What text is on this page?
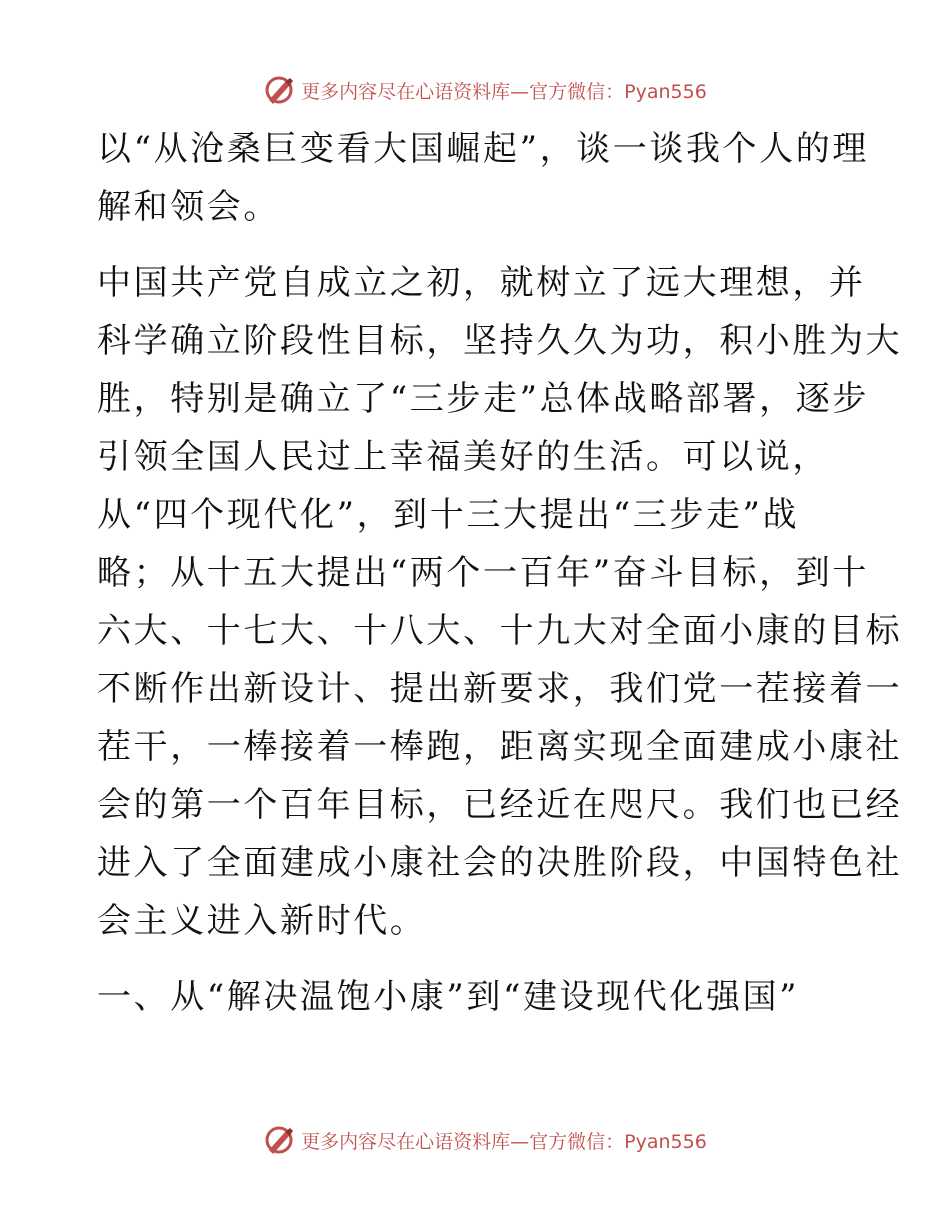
更多内容尽在心语资料库—官方微信：Pyan556
以“从沧桑巨变看大国崛起”，谈一谈我个人的理
解和领会。
中国共产党自成立之初，就树立了远大理想，并
科学确立阶段性目标，坚持久久为功，积小胜为大
胜，特别是确立了“三步走”总体战略部署，逐步
引领全国人民过上幸福美好的生活。可以说，
从“四个现代化”，到十三大提出“三步走”战
略；从十五大提出“两个一百年”奋斗目标，到十
六大、十七大、十八大、十九大对全面小康的目标
不断作出新设计、提出新要求，我们党一茬接着一
茬干，一棒接着一棒跑，距离实现全面建成小康社
会的第一个百年目标，已经近在咫尺。我们也已经
进入了全面建成小康社会的决胜阶段，中国特色社
会主义进入新时代。
一、从“解决温饱小康”到“建设现代化强国”
更多内容尽在心语资料库—官方微信：Pyan556
